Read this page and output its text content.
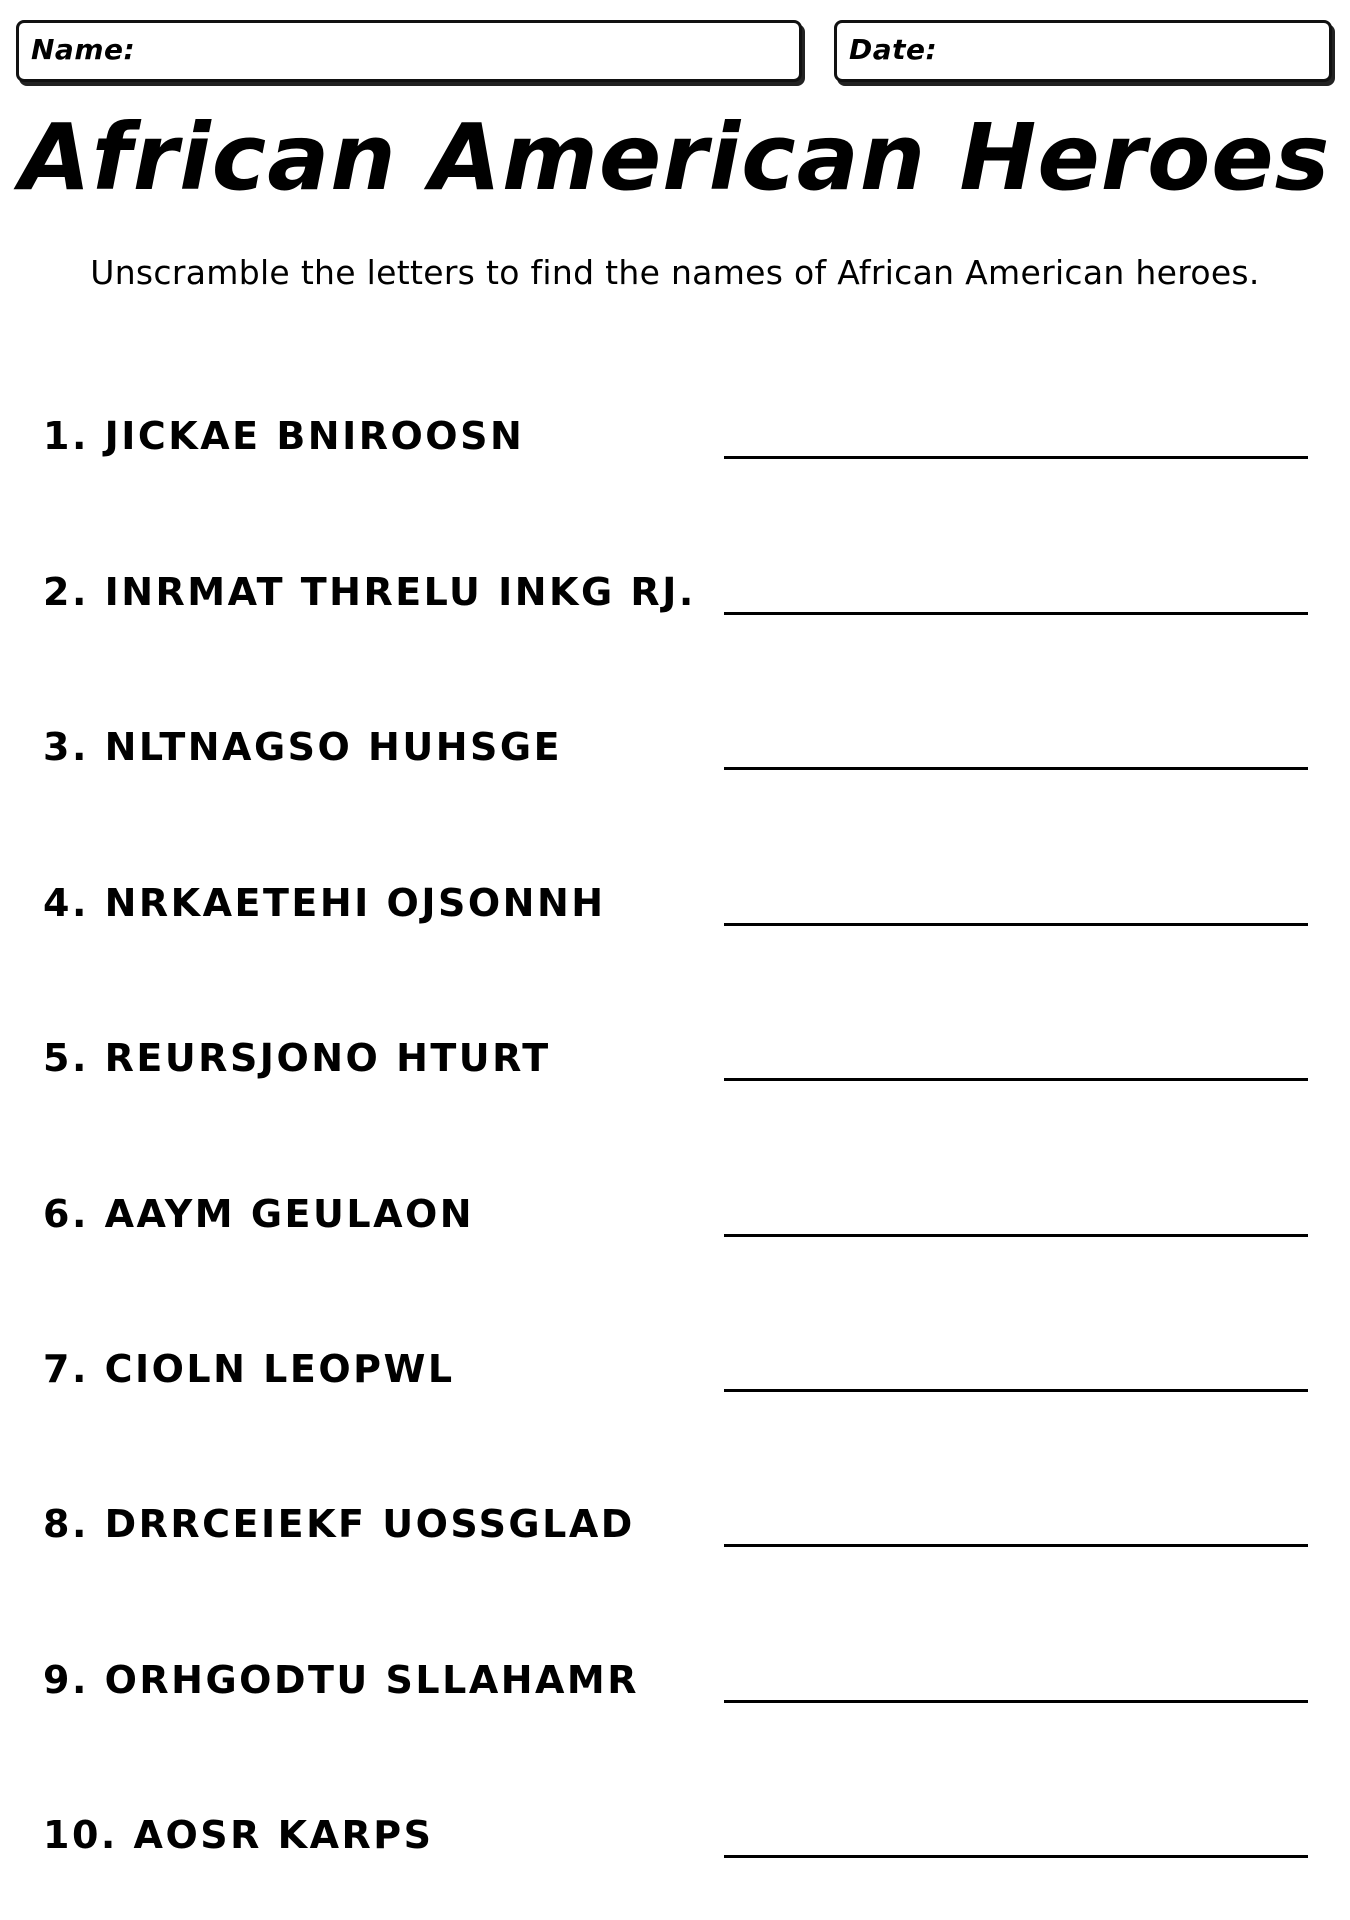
Name:	Date:
African American Heroes

Unscramble the letters to find the names of African American heroes.

1. JICKAE BNIROOSN
2. INRMAT THRELU INKG RJ.
3. NLTNAGSO HUHSGE
4. NRKAETEHI OJSONNH
5. REURSJONO HTURT
6. AAYM GEULAON
7. CIOLN LEOPWL
8. DRRCEIEKF UOSSGLAD
9. ORHGODTU SLLAHAMR
10. AOSR KARPS
